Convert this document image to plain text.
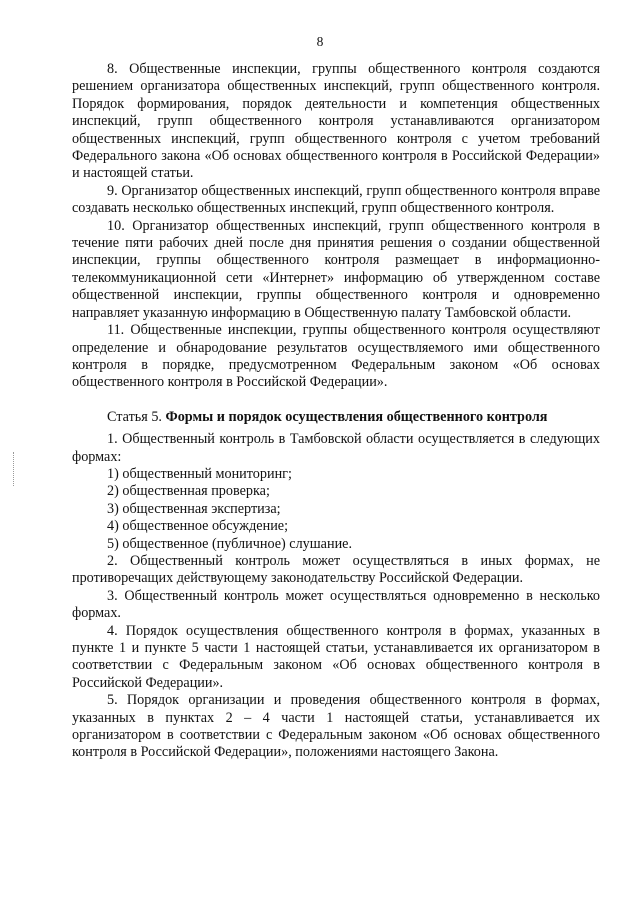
8

8. Общественные инспекции, группы общественного контроля создаются решением организатора общественных инспекций, групп общественного контроля. Порядок формирования, порядок деятельности и компетенция общественных инспекций, групп общественного контроля устанавливаются организатором общественных инспекций, групп общественного контроля с учетом требований Федерального закона «Об основах общественного контроля в Российской Федерации» и настоящей статьи.

9. Организатор общественных инспекций, групп общественного контроля вправе создавать несколько общественных инспекций, групп общественного контроля.

10. Организатор общественных инспекций, групп общественного контроля в течение пяти рабочих дней после дня принятия решения о создании общественной инспекции, группы общественного контроля размещает в информационно-телекоммуникационной сети «Интернет» информацию об утвержденном составе общественной инспекции, группы общественного контроля и одновременно направляет указанную информацию в Общественную палату Тамбовской области.

11. Общественные инспекции, группы общественного контроля осуществляют определение и обнародование результатов осуществляемого ими общественного контроля в порядке, предусмотренном Федеральным законом «Об основах общественного контроля в Российской Федерации».

Статья 5. Формы и порядок осуществления общественного контроля

1. Общественный контроль в Тамбовской области осуществляется в следующих формах:

1) общественный мониторинг;

2) общественная проверка;

3) общественная экспертиза;

4) общественное обсуждение;

5) общественное (публичное) слушание.

2. Общественный контроль может осуществляться в иных формах, не противоречащих действующему законодательству Российской Федерации.

3. Общественный контроль может осуществляться одновременно в несколько формах.

4. Порядок осуществления общественного контроля в формах, указанных в пункте 1 и пункте 5 части 1 настоящей статьи, устанавливается их организатором в соответствии с Федеральным законом «Об основах общественного контроля в Российской Федерации».

5. Порядок организации и проведения общественного контроля в формах, указанных в пунктах 2 – 4 части 1 настоящей статьи, устанавливается их организатором в соответствии с Федеральным законом «Об основах общественного контроля в Российской Федерации», положениями настоящего Закона.
